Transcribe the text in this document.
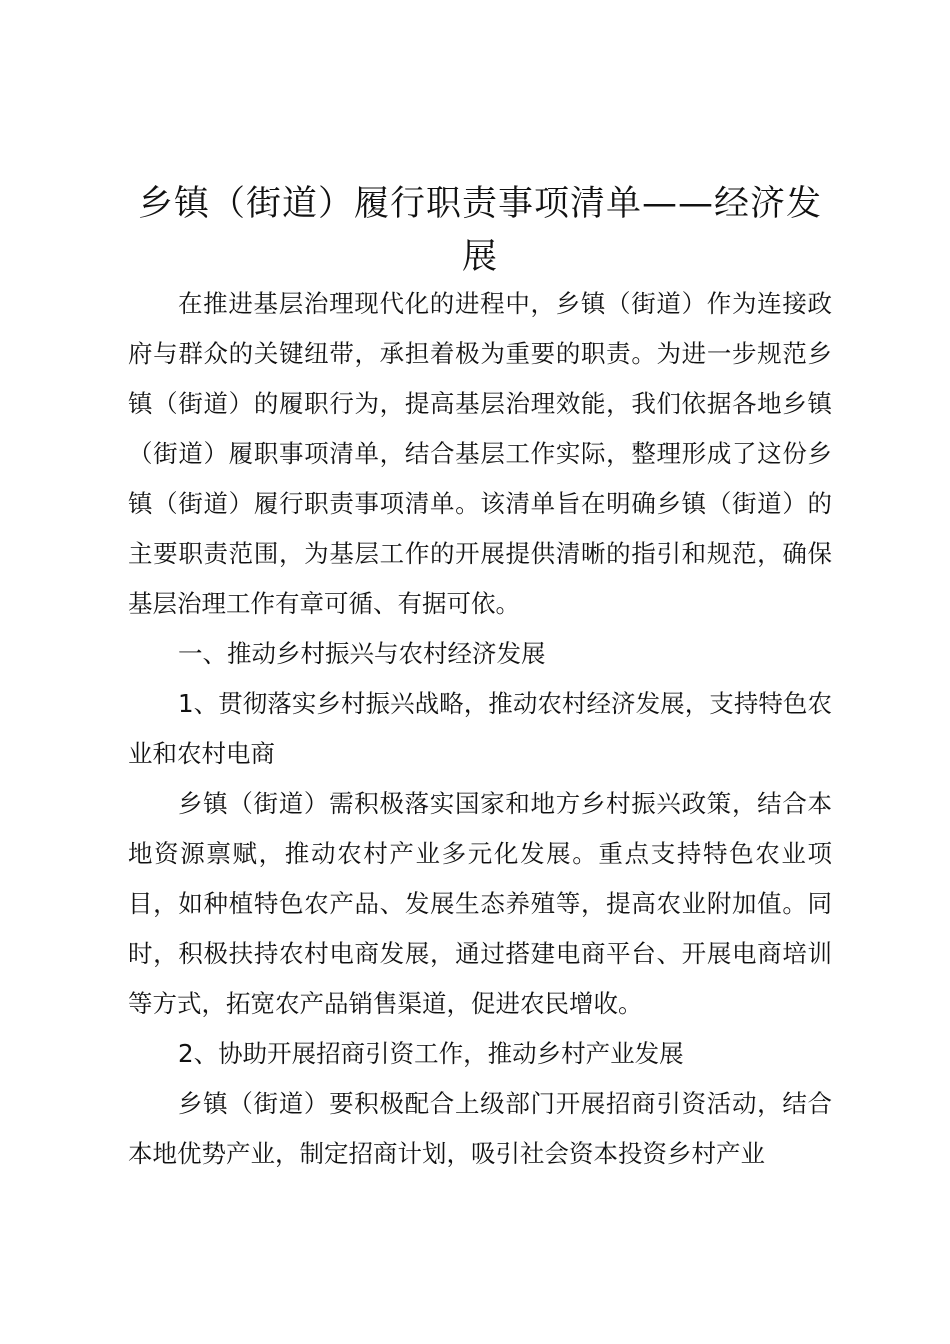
乡镇（街道）履行职责事项清单——经济发展

在推进基层治理现代化的进程中，乡镇（街道）作为连接政府与群众的关键纽带，承担着极为重要的职责。为进一步规范乡镇（街道）的履职行为，提高基层治理效能，我们依据各地乡镇（街道）履职事项清单，结合基层工作实际，整理形成了这份乡镇（街道）履行职责事项清单。该清单旨在明确乡镇（街道）的主要职责范围，为基层工作的开展提供清晰的指引和规范，确保基层治理工作有章可循、有据可依。

一、推动乡村振兴与农村经济发展

1、贯彻落实乡村振兴战略，推动农村经济发展，支持特色农业和农村电商

乡镇（街道）需积极落实国家和地方乡村振兴政策，结合本地资源禀赋，推动农村产业多元化发展。重点支持特色农业项目，如种植特色农产品、发展生态养殖等，提高农业附加值。同时，积极扶持农村电商发展，通过搭建电商平台、开展电商培训等方式，拓宽农产品销售渠道，促进农民增收。

2、协助开展招商引资工作，推动乡村产业发展

乡镇（街道）要积极配合上级部门开展招商引资活动，结合本地优势产业，制定招商计划，吸引社会资本投资乡村产业
